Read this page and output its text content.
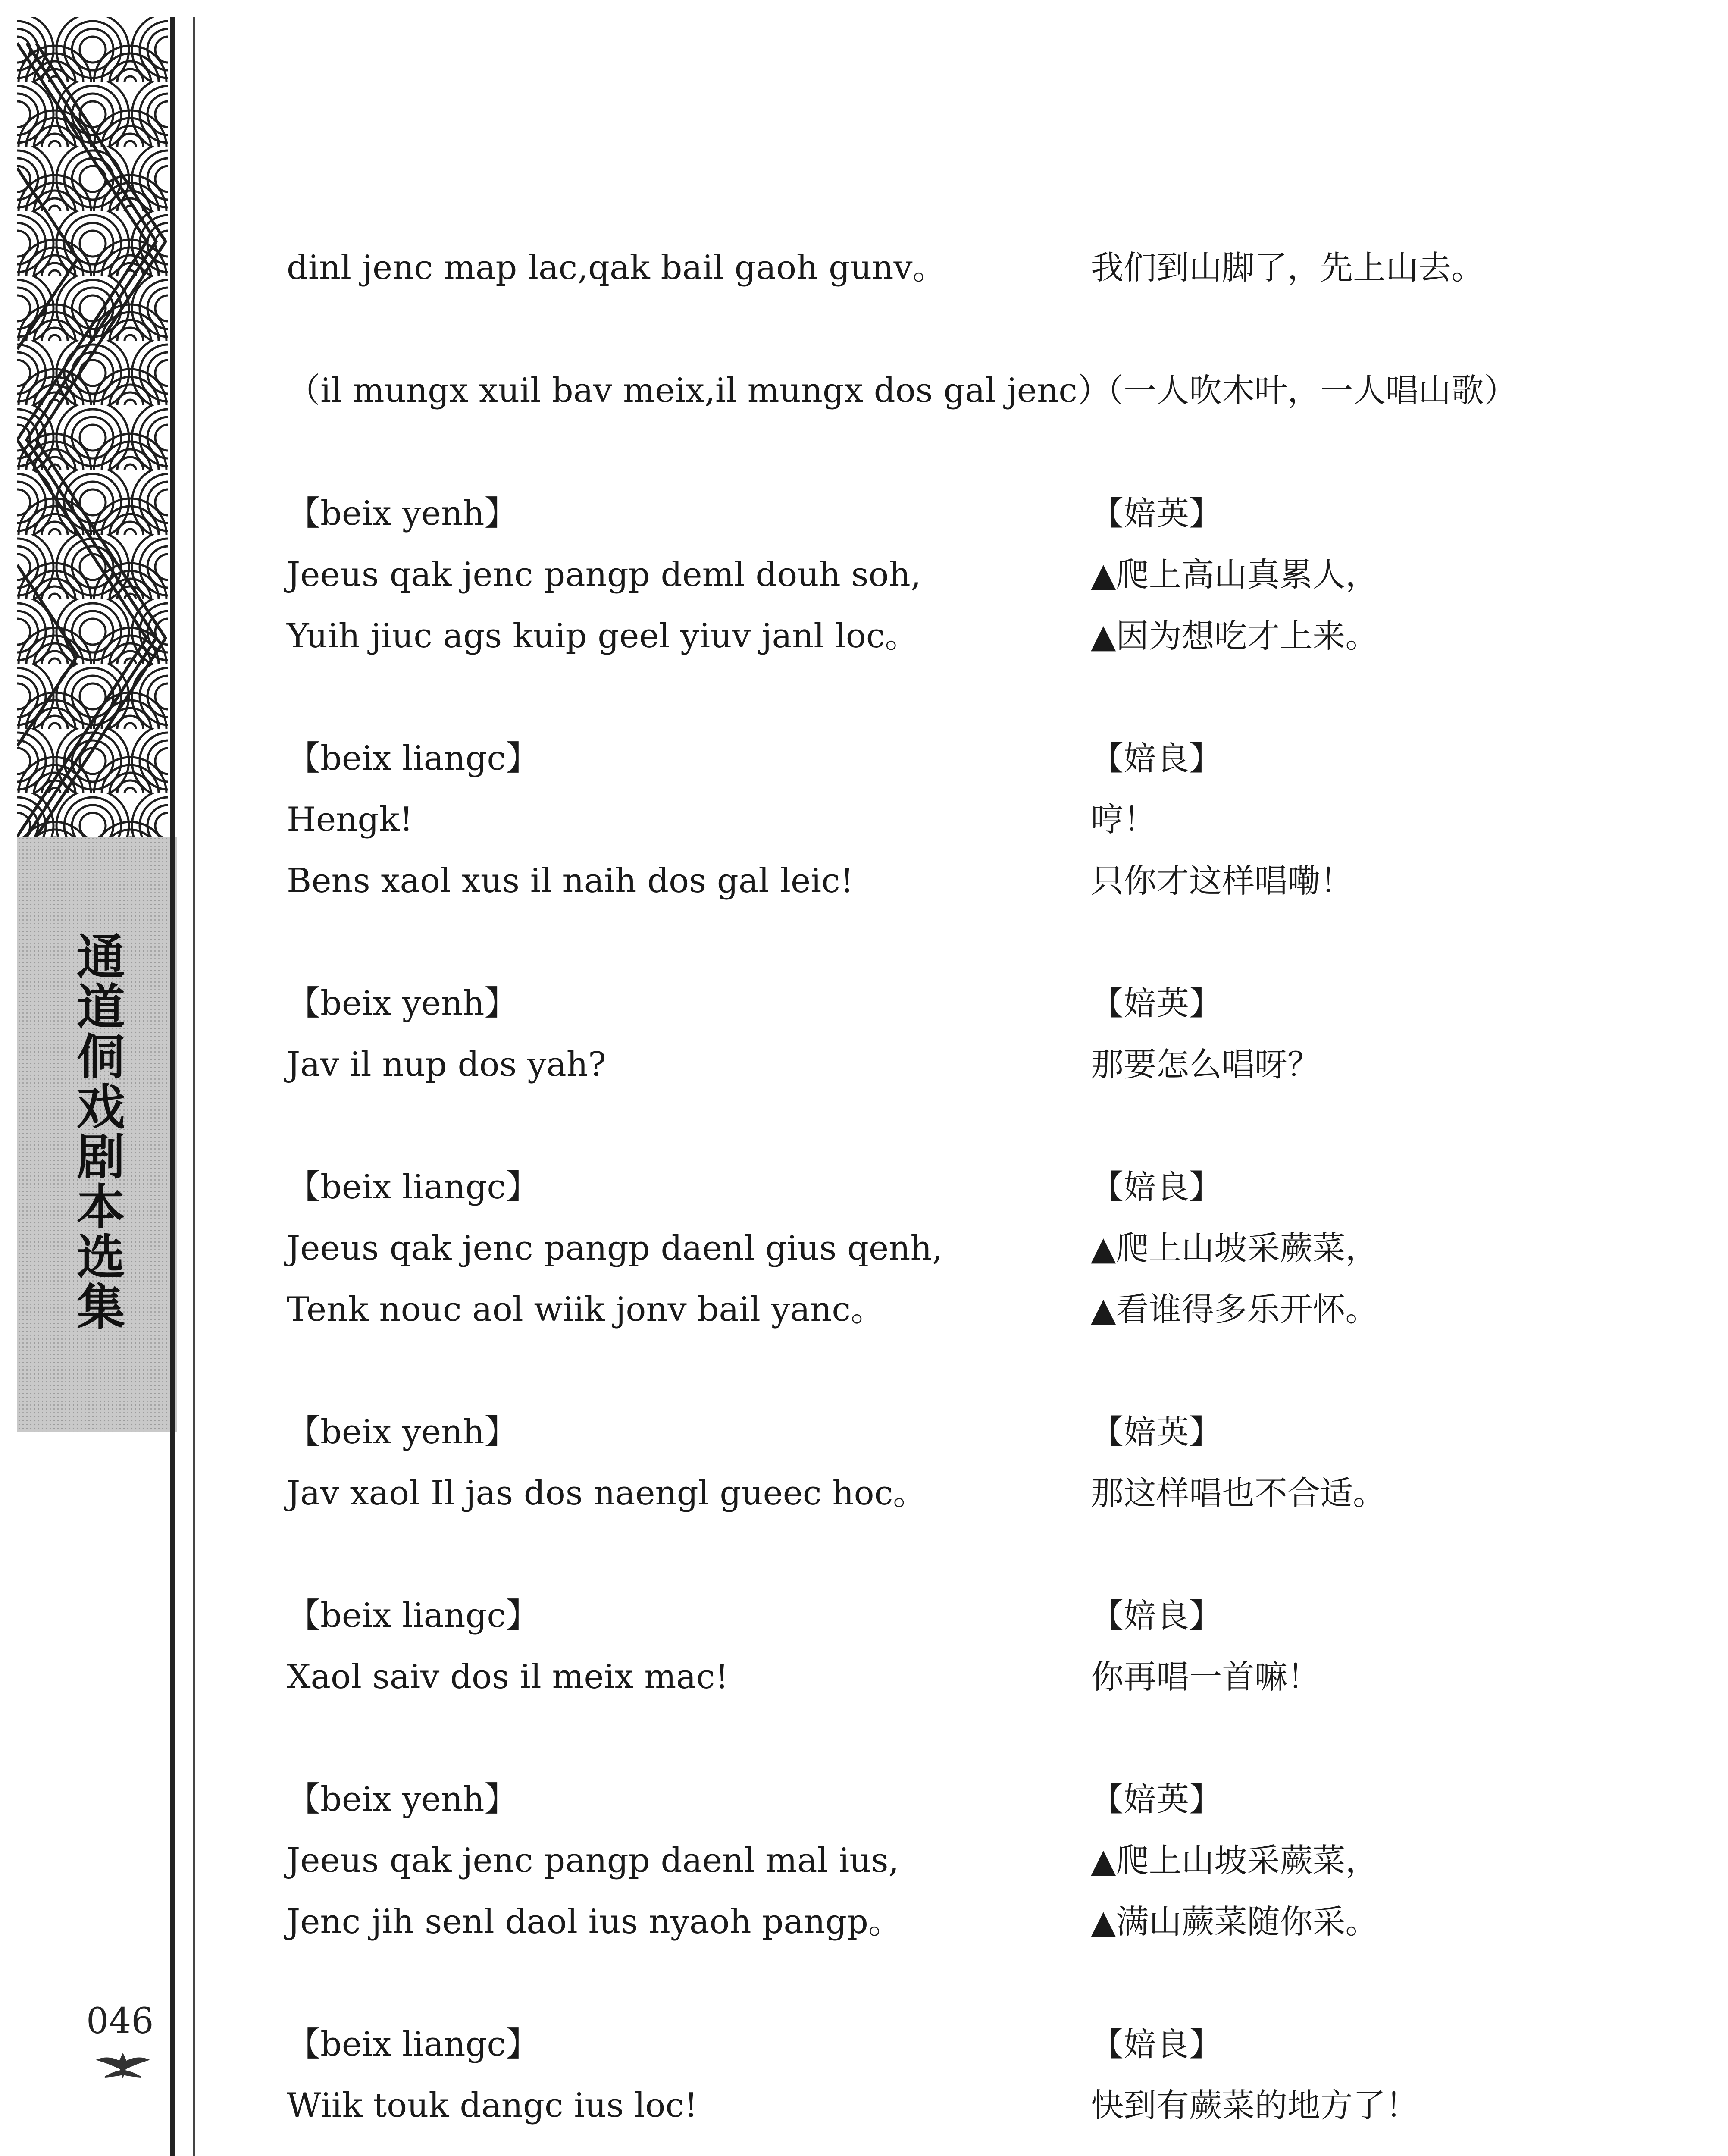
通道侗戏剧本选集
046

dinl jenc map lac,qak bail gaoh gunv。	我们到山脚了，先上山去。

（il mungx xuil bav meix,il mungx dos gal jenc）

（一人吹木叶，一人唱山歌）

【beix yenh】

Jeeus qak jenc pangp deml douh soh,

Yuih jiuc ags kuip geel yiuv janl loc。

【婄英】

▲爬上高山真累人，

▲因为想吃才上来。

【beix liangc】

Hengk!

Bens xaol xus il naih dos gal leic!

【婄良】

哼！

只你才这样唱嘞！

【beix yenh】

Jav il nup dos yah?

【婄英】

那要怎么唱呀？

【beix liangc】

Jeeus qak jenc pangp daenl gius qenh,

Tenk nouc aol wiik jonv bail yanc。

【婄良】

▲爬上山坡采蕨菜，

▲看谁得多乐开怀。

【beix yenh】

Jav xaol Il jas dos naengl gueec hoc。

【婄英】

那这样唱也不合适。

【beix liangc】

Xaol saiv dos il meix mac!

【婄良】

你再唱一首嘛！

【beix yenh】

Jeeus qak jenc pangp daenl mal ius,

Jenc jih senl daol ius nyaoh pangp。

【婄英】

▲爬上山坡采蕨菜，

▲满山蕨菜随你采。

【beix liangc】

Wiik touk dangc ius loc!

【婄良】

快到有蕨菜的地方了！
